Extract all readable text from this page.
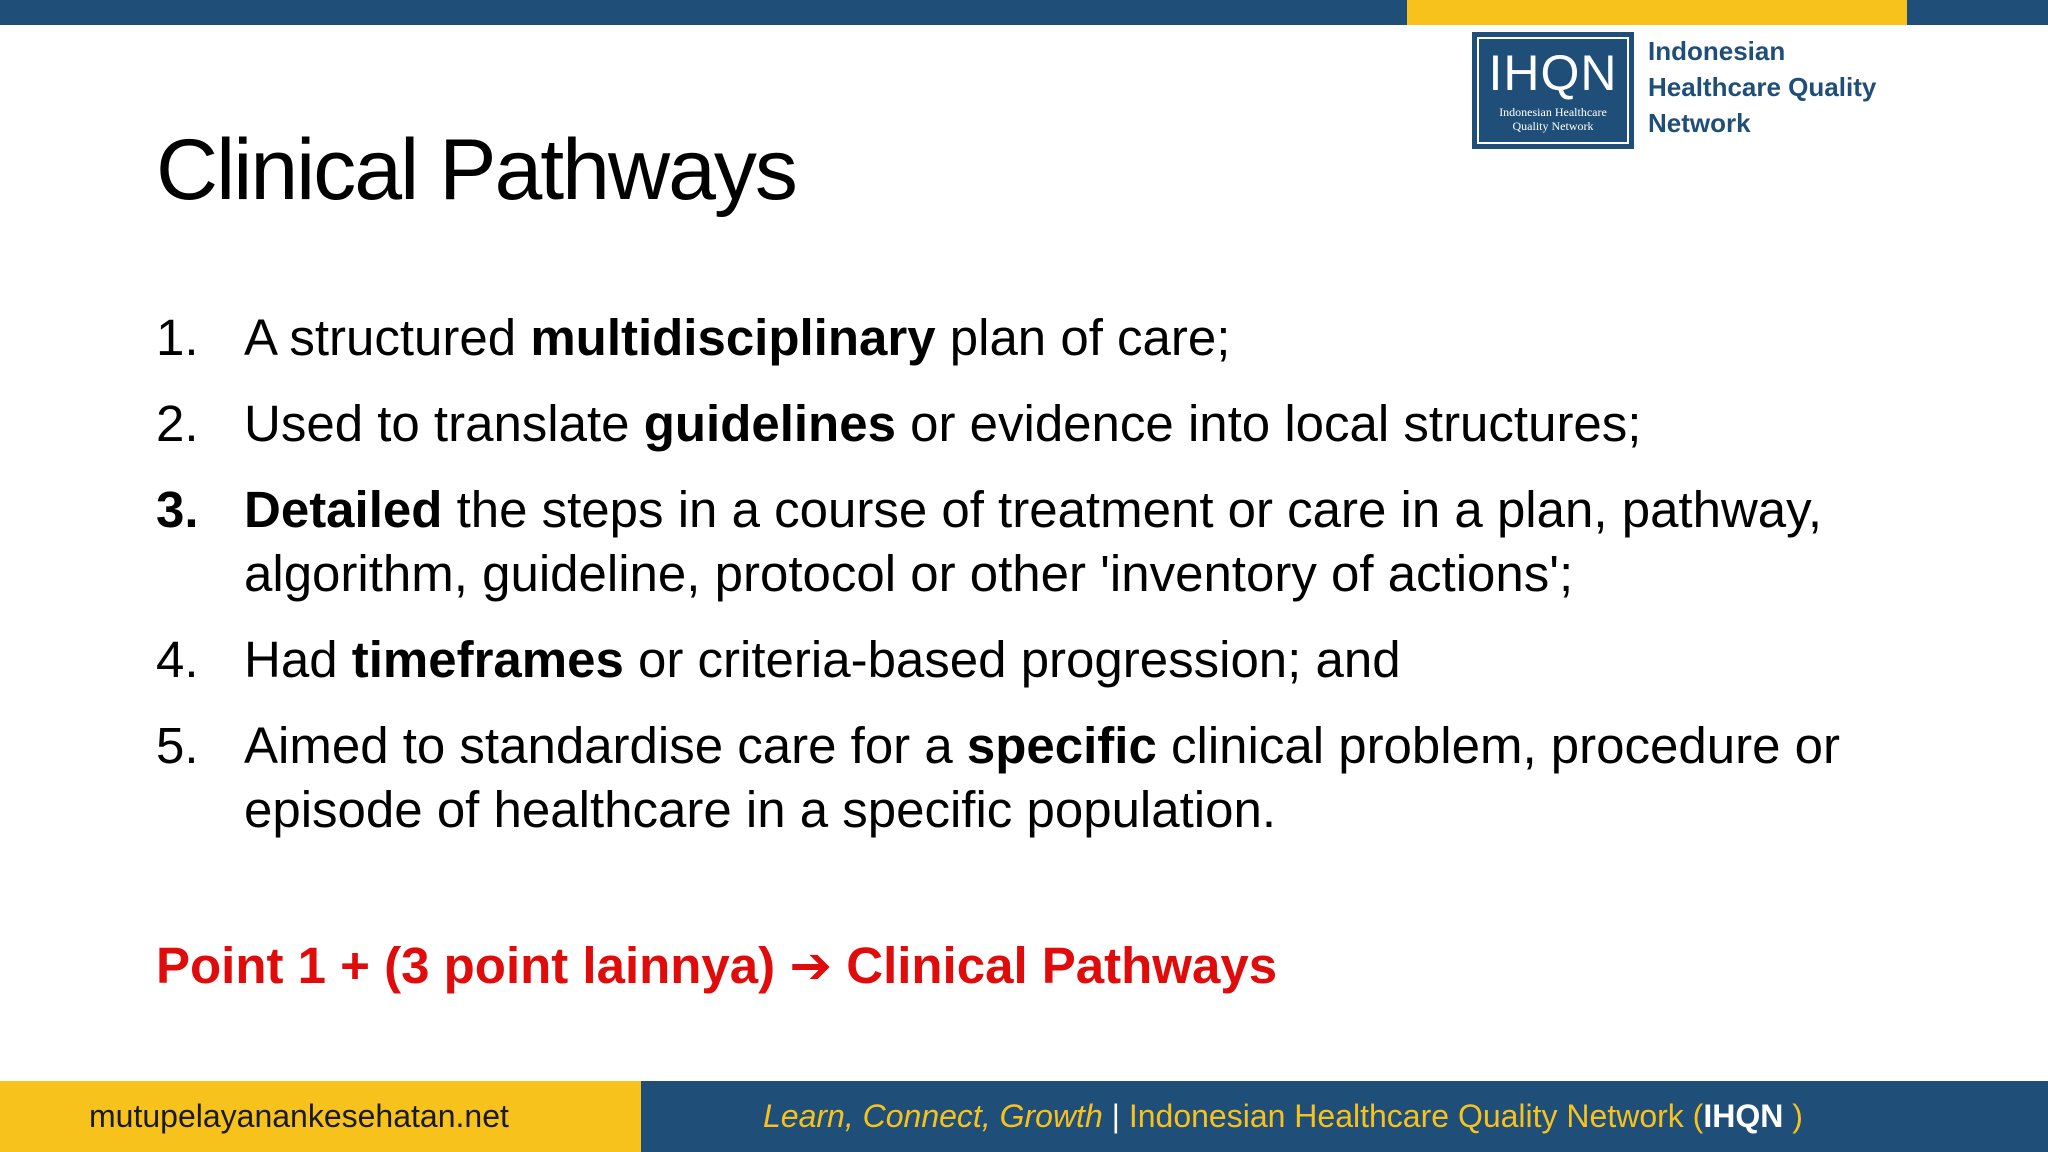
IHQN
Indonesian Healthcare
Quality Network
Indonesian
Healthcare Quality
Network
Clinical Pathways
1. A structured multidisciplinary plan of care;
2. Used to translate guidelines or evidence into local structures;
3. Detailed the steps in a course of treatment or care in a plan, pathway, algorithm, guideline, protocol or other 'inventory of actions';
4. Had timeframes or criteria-based progression; and
5. Aimed to standardise care for a specific clinical problem, procedure or episode of healthcare in a specific population.
Point 1 + (3 point lainnya) ➔ Clinical Pathways
mutupelayanankesehatan.net	Learn, Connect, Growth | Indonesian Healthcare Quality Network (IHQN )
